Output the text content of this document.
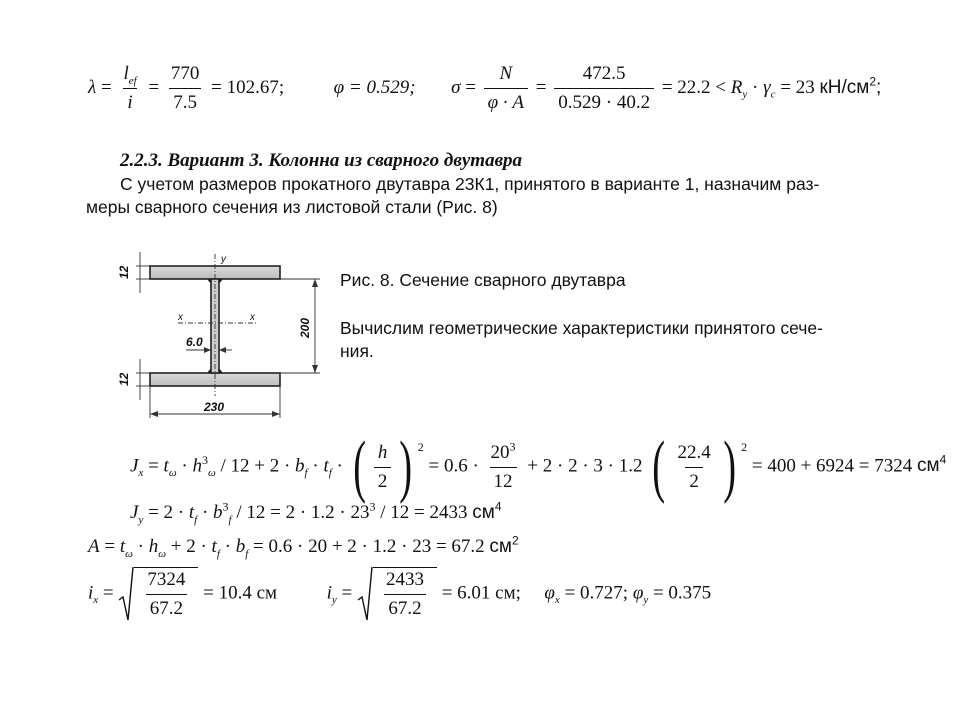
$\lambda = \frac{l_{ef}}{i} = \frac{770}{7.5} = 102.67$;	φ = 0.529; $\sigma = \frac{N}{\varphi \cdot A} = \frac{472.5}{0.529 \cdot 40.2} = 22.2 < R_y \cdot \gamma_c = 23$ $кН/см^2$;
2.2.3. Вариант 3. Колонна из сварного двутавра
С учетом размеров прокатного двутавра 23К1, принятого в варианте 1, назначим раз-
меры сварного сечения из листовой стали (Рис. 8)
y
x	x
12
12
200
6.0
230
Рис. 8. Сечение сварного двутавра
Вычислим геометрические характеристики принятого сече-
ния.
$J_x = t_\omega \cdot h^3_\omega / 12 + 2 \cdot b_f \cdot t_f$ · ( $\frac{h}{2}$ ) $^2$
= $0.6 \cdot \frac{20^3}{12} + 2 \cdot 2 \cdot 3 \cdot 1.2$ ( $\frac{22.4}{2}$ ) $^2$
= 400 + 6924 = 7324 $см^4$
$J_y = 2 \cdot t_f \cdot b^3_f / 12 = 2 \cdot 1.2 \cdot 23^3 / 12 = 2433$ $см^4$
$A = t_\omega \cdot h_\omega + 2 \cdot t_f \cdot b_f = 0.6 \cdot 20 + 2 \cdot 1.2 \cdot 23 = 67.2$ $см^2$
$i_x = \frac{7324}{67.2} = 10.4$ см	$i_y = \frac{2433}{67.2} = 6.01$ см; $\varphi_x = 0.727$; $\varphi_y = 0.375$
